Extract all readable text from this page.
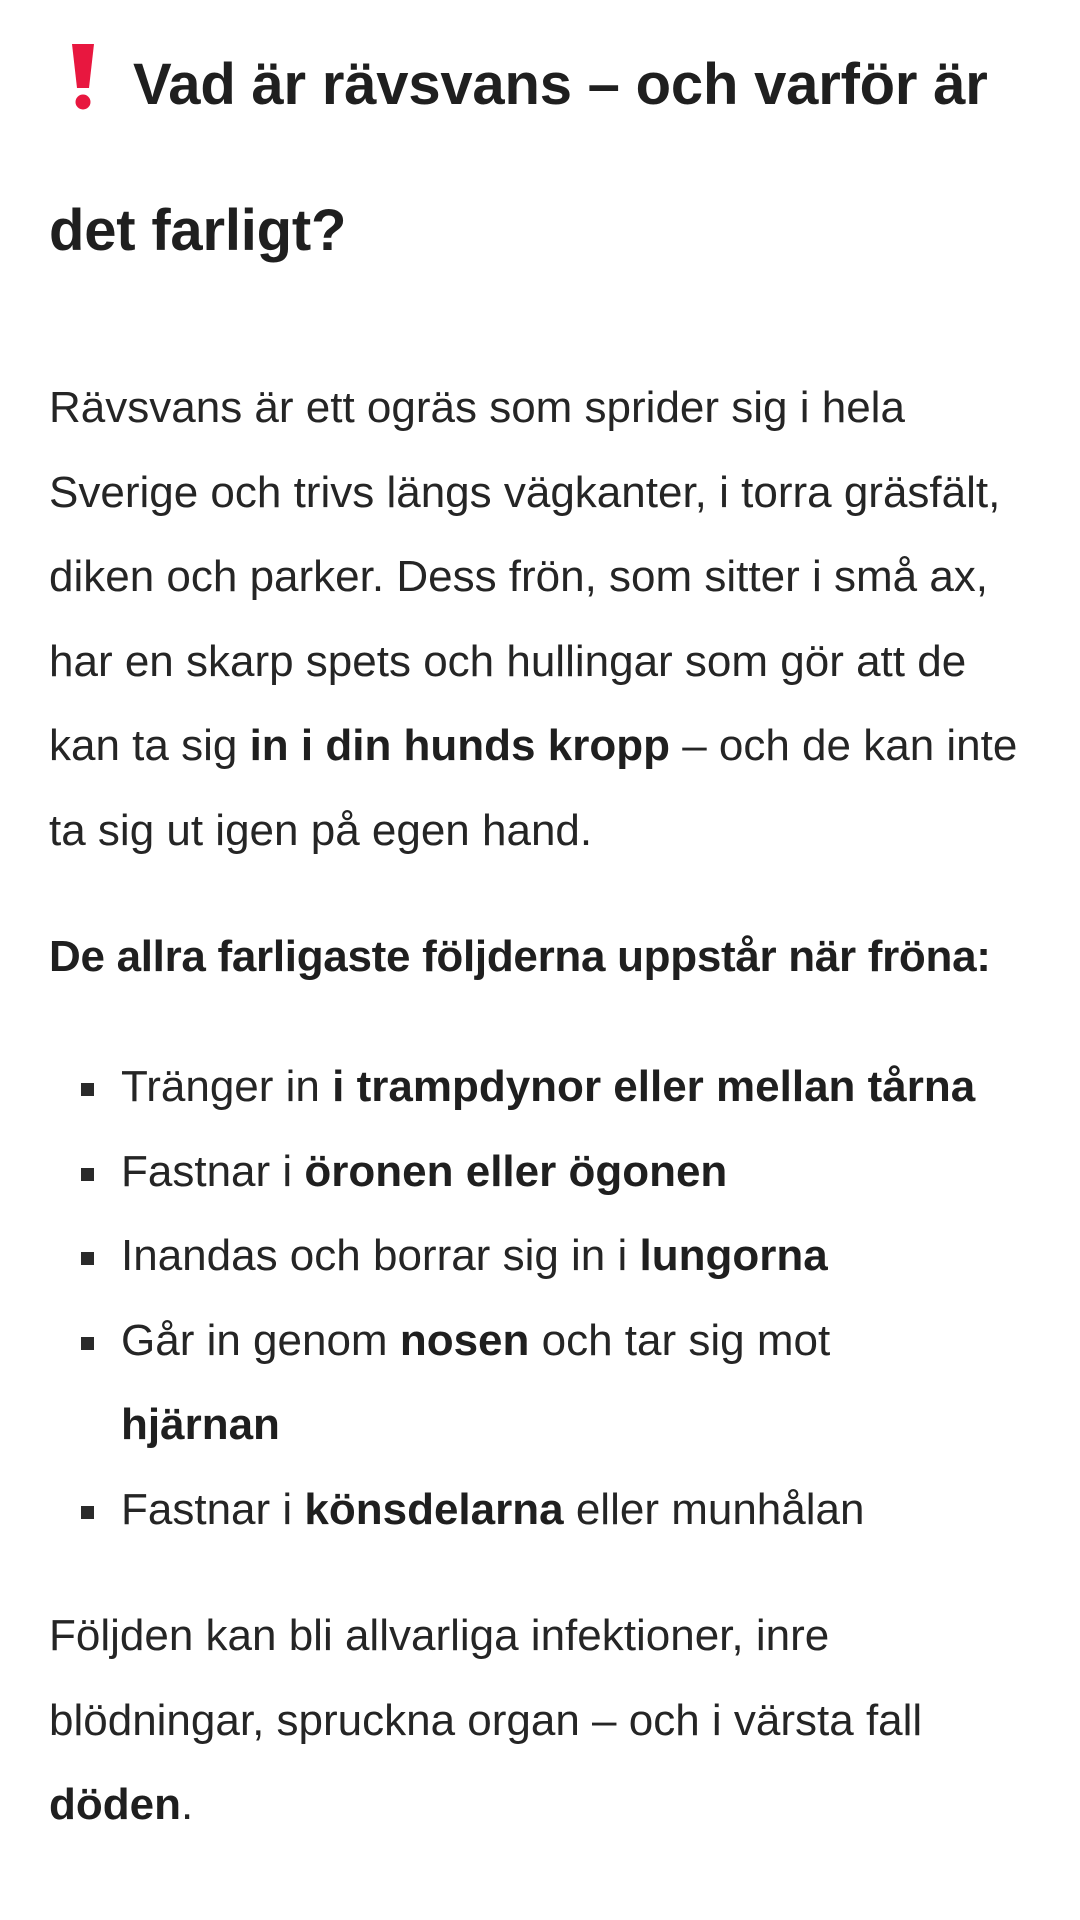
Vad är rävsvans – och varför är
det farligt?

Rävsvans är ett ogräs som sprider sig i hela Sverige och trivs längs vägkanter, i torra gräsfält, diken och parker. Dess frön, som sitter i små ax, har en skarp spets och hullingar som gör att de kan ta sig in i din hunds kropp – och de kan inte ta sig ut igen på egen hand.

De allra farligaste följderna uppstår när fröna:

Tränger in i trampdynor eller mellan tårna
Fastnar i öronen eller ögonen
Inandas och borrar sig in i lungorna
Går in genom nosen och tar sig mot
hjärnan
Fastnar i könsdelarna eller munhålan

Följden kan bli allvarliga infektioner, inre blödningar, spruckna organ – och i värsta fall döden.
